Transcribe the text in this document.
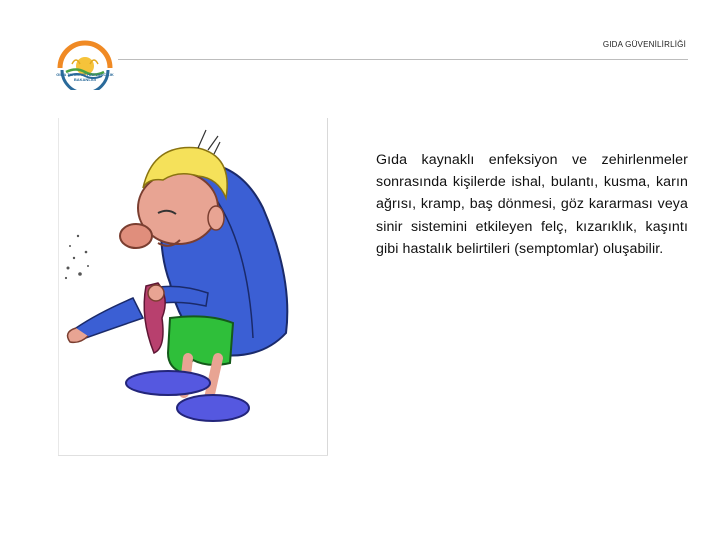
GIDA TARIM VE HAYVANCILIK BAKANLIĞI
GIDA GÜVENİLİRLİĞİ
Gıda kaynaklı enfeksiyon ve zehirlenmeler sonrasında kişilerde ishal, bulantı, kusma, karın ağrısı, kramp, baş dönmesi, göz kararması veya sinir sistemini etkileyen felç, kızarıklık, kaşıntı gibi hastalık belirtileri (semptomlar) oluşabilir.
